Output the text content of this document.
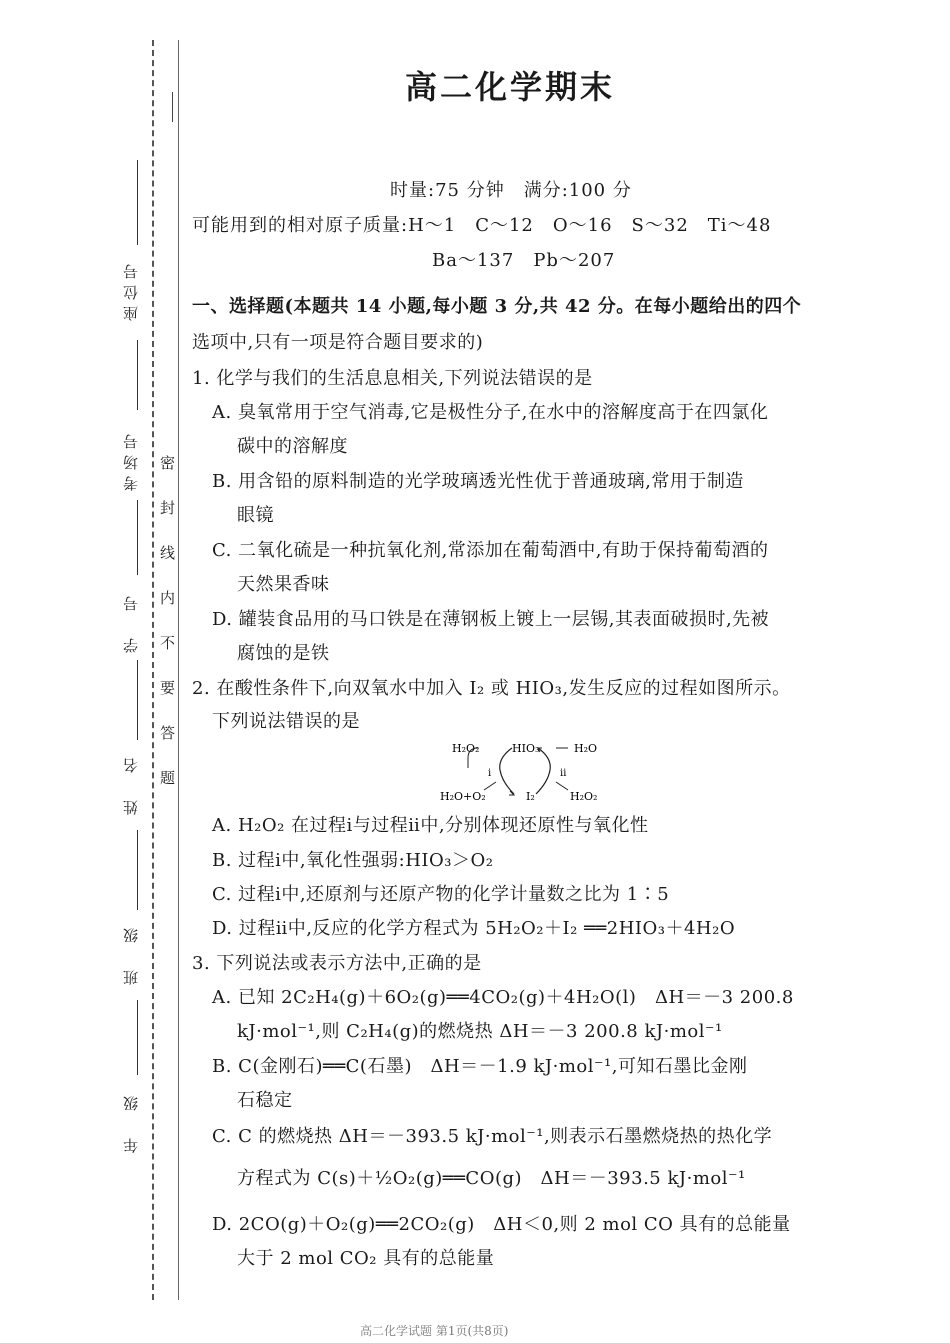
座位号
考场号
学　号
姓　名
班　级
年　级
密封线内不要答题
高二化学期末
时量:75 分钟　满分:100 分
可能用到的相对原子质量:H～1　C～12　O～16　S～32　Ti～48
Ba～137　Pb～207
一、选择题(本题共 14 小题,每小题 3 分,共 42 分。在每小题给出的四个
选项中,只有一项是符合题目要求的)
1. 化学与我们的生活息息相关,下列说法错误的是
A. 臭氧常用于空气消毒,它是极性分子,在水中的溶解度高于在四氯化
碳中的溶解度
B. 用含铅的原料制造的光学玻璃透光性优于普通玻璃,常用于制造
眼镜
C. 二氧化硫是一种抗氧化剂,常添加在葡萄酒中,有助于保持葡萄酒的
天然果香味
D. 罐装食品用的马口铁是在薄钢板上镀上一层锡,其表面破损时,先被
腐蚀的是铁
2. 在酸性条件下,向双氧水中加入 I₂ 或 HIO₃,发生反应的过程如图所示。
下列说法错误的是
H₂O₂	HIO₃	H₂O
ⅰ	ⅱ
H₂O+O₂	I₂	H₂O₂
A. H₂O₂ 在过程ⅰ与过程ⅱ中,分别体现还原性与氧化性
B. 过程ⅰ中,氧化性强弱:HIO₃＞O₂
C. 过程ⅰ中,还原剂与还原产物的化学计量数之比为 1∶5
D. 过程ⅱ中,反应的化学方程式为 5H₂O₂＋I₂ ══2HIO₃＋4H₂O
3. 下列说法或表示方法中,正确的是
A. 已知 2C₂H₄(g)＋6O₂(g)══4CO₂(g)＋4H₂O(l)　ΔH＝－3 200.8
kJ·mol⁻¹,则 C₂H₄(g)的燃烧热 ΔH＝－3 200.8 kJ·mol⁻¹
B. C(金刚石)══C(石墨)　ΔH＝－1.9 kJ·mol⁻¹,可知石墨比金刚
石稳定
C. C 的燃烧热 ΔH＝－393.5 kJ·mol⁻¹,则表示石墨燃烧热的热化学
方程式为 C(s)＋½O₂(g)══CO(g)　ΔH＝－393.5 kJ·mol⁻¹
D. 2CO(g)＋O₂(g)══2CO₂(g)　ΔH＜0,则 2 mol CO 具有的总能量
大于 2 mol CO₂ 具有的总能量
高二化学试题 第1页(共8页)
